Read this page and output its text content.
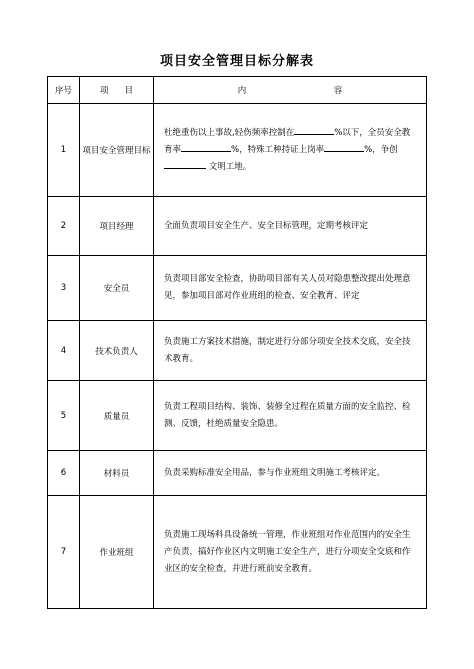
项目安全管理目标分解表
序号	项 目	内 容

1	项目安全管理目标	杜绝重伤以上事故,轻伤频率控制在 %以下，全员安全教育率 %，特殊工种持证上岗率 %，争创  文明工地。
2	项目经理	全面负责项目安全生产、安全目标管理，定期考核评定
3	安全员	负责项目部安全检查，协助项目部有关人员对隐患整改提出处理意见，参加项目部对作业班组的检查、安全教育、评定
4	技术负责人	负责施工方案技术措施，制定进行分部分项安全技术交底，安全技术教育。
5	质量员	负责工程项目结构、装饰、装修全过程在质量方面的安全监控、检 测、反馈，杜绝质量安全隐患。
6	材料员	负责采购标准安全用品，参与作业班组文明施工考核评定。
7	作业班组	负责施工现场料具设备统一管理，作业班组对作业范围内的安全生产负责，搞好作业区内文明施工安全生产，进行分项安全交底和作业区的安全检查，并进行班前安全教育。
